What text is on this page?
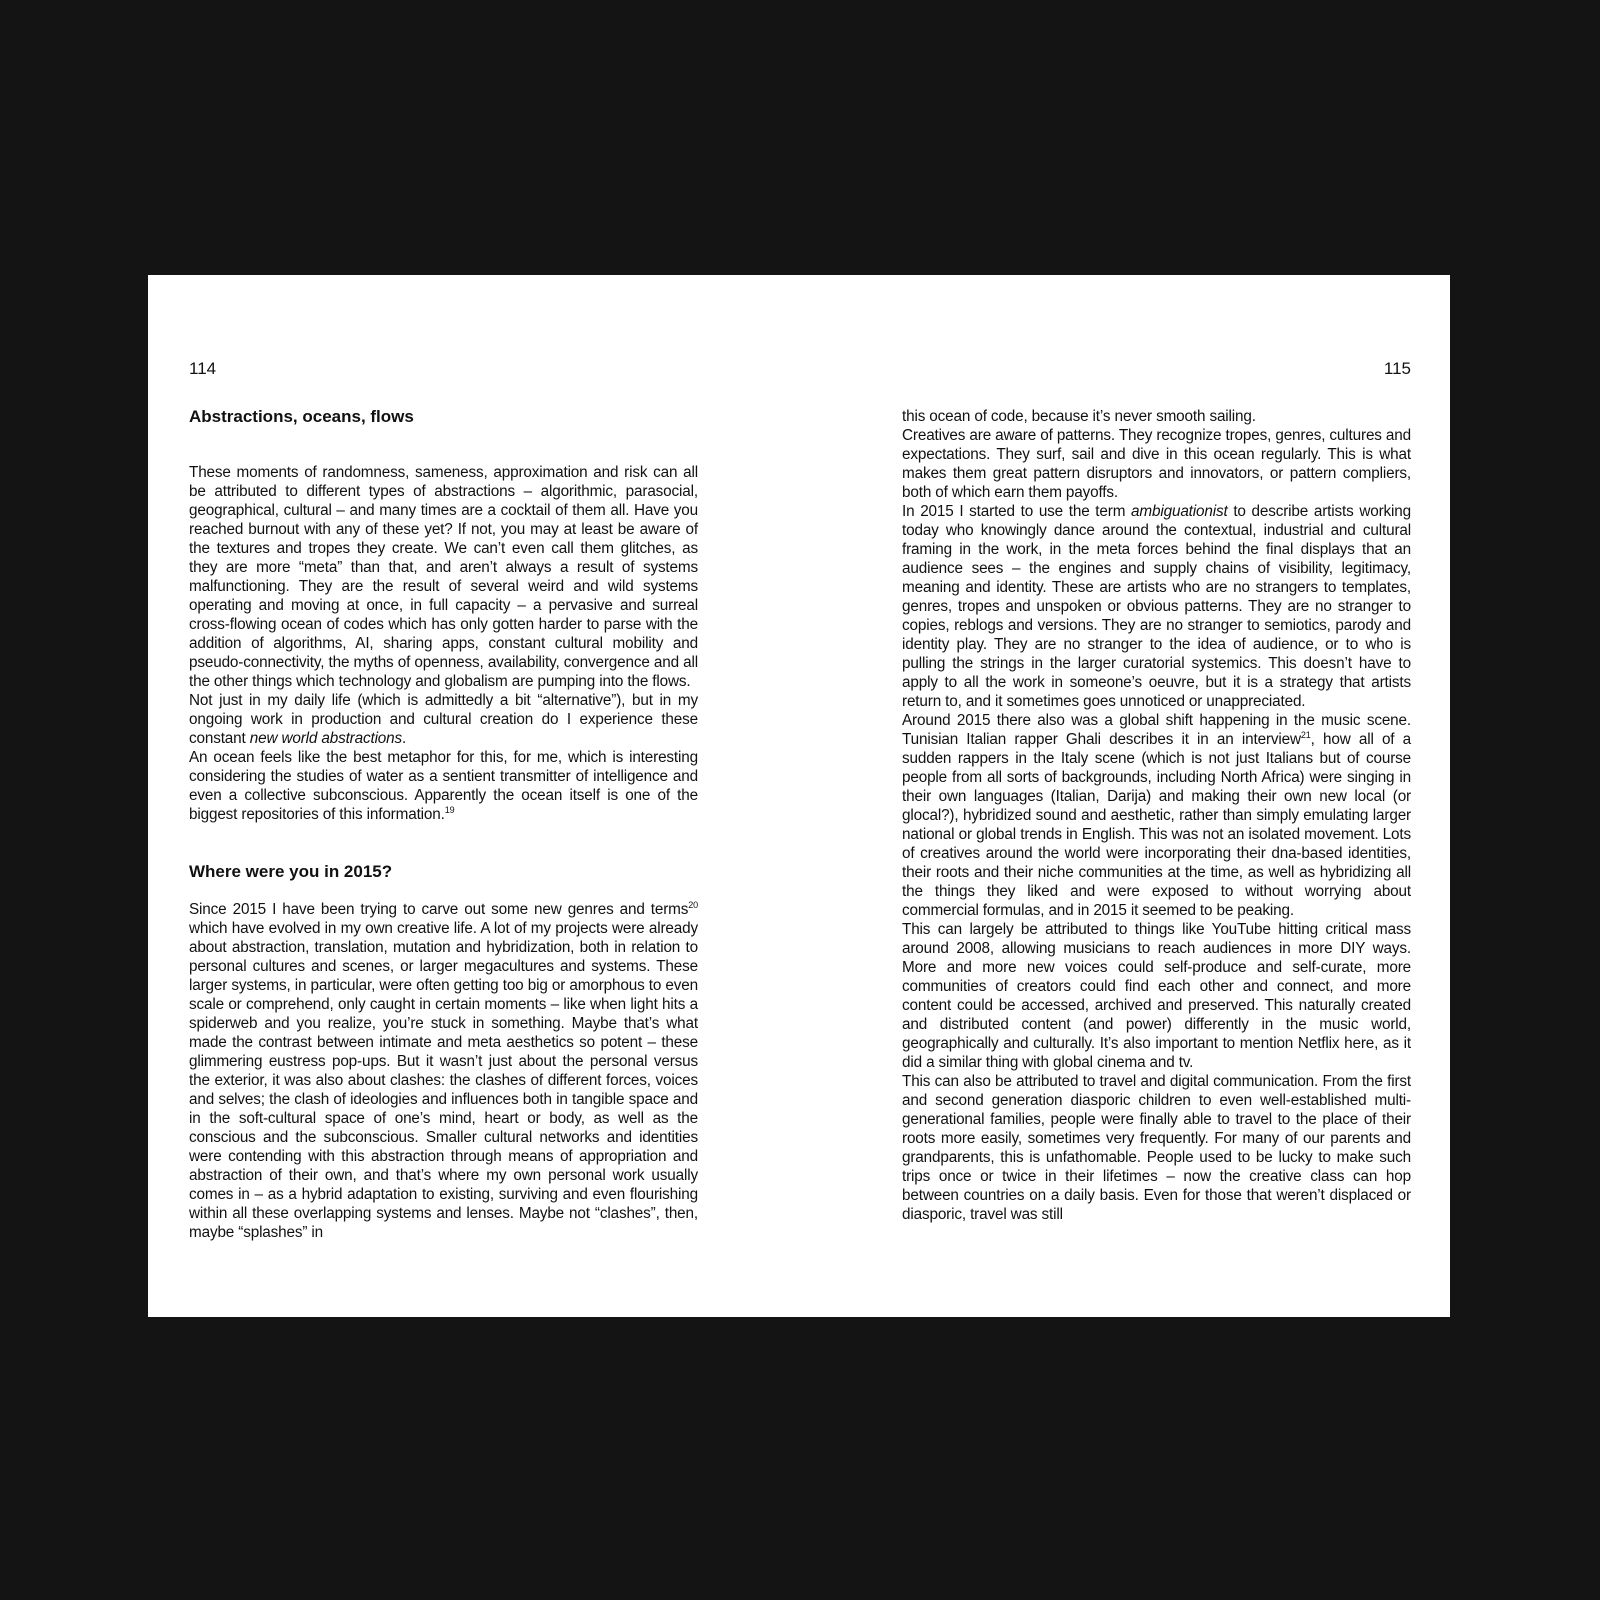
114
Abstractions, oceans, flows

These moments of randomness, sameness, approximation and risk can all be attributed to different types of abstractions – algorithmic, parasocial, geographical, cultural – and many times are a cocktail of them all. Have you reached burnout with any of these yet? If not, you may at least be aware of the textures and tropes they create. We can’t even call them glitches, as they are more “meta” than that, and aren’t always a result of systems malfunctioning. They are the result of several weird and wild systems operating and moving at once, in full capacity – a pervasive and surreal cross-flowing ocean of codes which has only gotten harder to parse with the addition of algorithms, AI, sharing apps, constant cultural mobility and pseudo-connectivity, the myths of openness, availability, convergence and all the other things which technology and globalism are pumping into the flows.

Not just in my daily life (which is admittedly a bit “alternative”), but in my ongoing work in production and cultural creation do I experience these constant new world abstractions.

An ocean feels like the best metaphor for this, for me, which is interesting considering the studies of water as a sentient transmitter of intelligence and even a collective subconscious. Apparently the ocean itself is one of the biggest repositories of this information.$^{19}$

Where were you in 2015?

Since 2015 I have been trying to carve out some new genres and terms$^{20}$ which have evolved in my own creative life. A lot of my projects were already about abstraction, translation, mutation and hybridization, both in relation to personal cultures and scenes, or larger megacultures and systems. These larger systems, in particular, were often getting too big or amorphous to even scale or comprehend, only caught in certain moments – like when light hits a spiderweb and you realize, you’re stuck in something. Maybe that’s what made the contrast between intimate and meta aesthetics so potent – these glimmering eustress pop-ups. But it wasn’t just about the personal versus the exterior, it was also about clashes: the clashes of different forces, voices and selves; the clash of ideologies and influences both in tangible space and in the soft-cultural space of one’s mind, heart or body, as well as the conscious and the subconscious. Smaller cultural networks and identities were contending with this abstraction through means of appropriation and abstraction of their own, and that’s where my own personal work usually comes in – as a hybrid adaptation to existing, surviving and even flourishing within all these overlapping systems and lenses. Maybe not “clashes”, then, maybe “splashes” in

115

this ocean of code, because it’s never smooth sailing.

Creatives are aware of patterns. They recognize tropes, genres, cultures and expectations. They surf, sail and dive in this ocean regularly. This is what makes them great pattern disruptors and innovators, or pattern compliers, both of which earn them payoffs.

In 2015 I started to use the term ambiguationist to describe artists working today who knowingly dance around the contextual, industrial and cultural framing in the work, in the meta forces behind the final displays that an audience sees – the engines and supply chains of visibility, legitimacy, meaning and identity. These are artists who are no strangers to templates, genres, tropes and unspoken or obvious patterns. They are no stranger to copies, reblogs and versions. They are no stranger to semiotics, parody and identity play. They are no stranger to the idea of audience, or to who is pulling the strings in the larger curatorial systemics. This doesn’t have to apply to all the work in someone’s oeuvre, but it is a strategy that artists return to, and it sometimes goes unnoticed or unappreciated.

Around 2015 there also was a global shift happening in the music scene. Tunisian Italian rapper Ghali describes it in an interview$^{21}$, how all of a sudden rappers in the Italy scene (which is not just Italians but of course people from all sorts of backgrounds, including North Africa) were singing in their own languages (Italian, Darija) and making their own new local (or glocal?), hybridized sound and aesthetic, rather than simply emulating larger national or global trends in English. This was not an isolated movement. Lots of creatives around the world were incorporating their dna-based identities, their roots and their niche communities at the time, as well as hybridizing all the things they liked and were exposed to without worrying about commercial formulas, and in 2015 it seemed to be peaking.

This can largely be attributed to things like YouTube hitting critical mass around 2008, allowing musicians to reach audiences in more DIY ways. More and more new voices could self-produce and self-curate, more communities of creators could find each other and connect, and more content could be accessed, archived and preserved. This naturally created and distributed content (and power) differently in the music world, geographically and culturally. It’s also important to mention Netflix here, as it did a similar thing with global cinema and tv.

This can also be attributed to travel and digital communication. From the first and second generation diasporic children to even well-established multi-generational families, people were finally able to travel to the place of their roots more easily, sometimes very frequently. For many of our parents and grandparents, this is unfathomable. People used to be lucky to make such trips once or twice in their lifetimes – now the creative class can hop between countries on a daily basis. Even for those that weren’t displaced or diasporic, travel was still
